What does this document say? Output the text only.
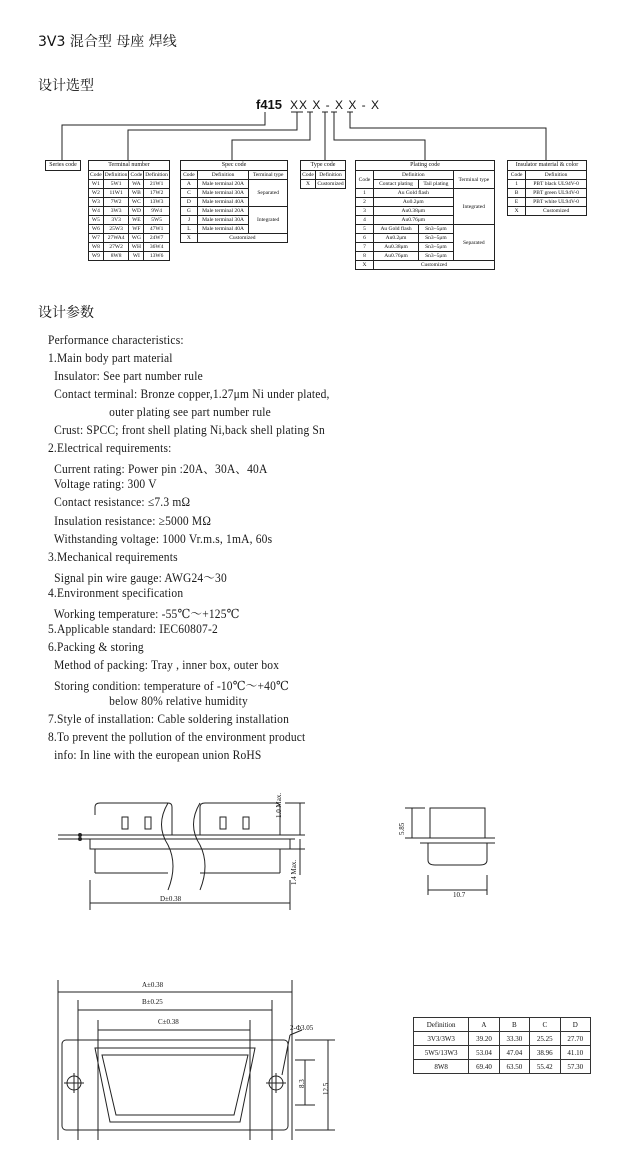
3V3 混合型 母座 焊线
设计选型
设计参数
f415 XX X - X X - X
Series code	Terminal number
Code	Definition	Code	Definition
W1	5W1	WA	21W1
W2	11W1	WB	17W2
W3	7W2	WC	13W3
W4	3W3	WD	9W4
W5	3V3	WE	5W5
W6	25W3	WF	47W1
W7	27WA4	WG	24W7
W8	27W2	WH	36W4
W9	8W8	WI	13W6
Spec code
Code	Definition	Terminal type
A	Male terminal 20A	Separated
C	Male terminal 30A	
D	Male terminal 40A	
G	Male terminal 20A	Integrated
J	Male terminal 30A	
L	Male terminal 40A	
X	Customized	
Type code
Code	Definition
X	Customized
Plating code
Code	Definition		Terminal type
	Contact plating	Tail plating	
1	Au Gold flash		Integrated
2	Au0.2μm		
3	Au0.38μm		
4	Au0.76μm		
5	Au Gold flash	Sn3~5μm	Separated
6	Au0.2μm	Sn3~5μm	
7	Au0.38μm	Sn3~5μm	
8	Au0.76μm	Sn3~5μm	
X	Customized		
Insulator material & color
Code	Definition
1	PBT black UL94V-0
B	PBT green UL94V-0
E	PBT white UL94V-0
X	Customized
Performance characteristics:
1.Main body part material
Insulator: See part number rule
Contact terminal: Bronze copper,1.27μm Ni under plated,
outer plating see part number rule
Crust: SPCC; front shell plating Ni,back shell plating Sn
2.Electrical requirements:
Current rating: Power pin :20A、30A、40A
Voltage rating: 300 V
Contact resistance: ≤7.3 mΩ
Insulation resistance: ≥5000 MΩ
Withstanding voltage: 1000 Vr.m.s, 1mA, 60s
3.Mechanical requirements
Signal pin wire gauge: AWG24～30
4.Environment specification
Working temperature: -55℃～+125℃
5.Applicable standard: IEC60807-2
6.Packing & storing
Method of packing: Tray , inner box, outer box
Storing condition: temperature of -10℃～+40℃
below 80% relative humidity
7.Style of installation: Cable soldering installation
8.To prevent the pollution of the environment product
info: In line with the european union RoHS
1.0 Max.
1.4 Max.
D±0.38
5.85
10.7
A±0.38
B±0.25
C±0.38
2-Φ3.05
8.3 12.5
Definition	A	B	C	D
3V3/3W3	39.20	33.30	25.25	27.70
5W5/13W3	53.04	47.04	38.96	41.10
8W8	69.40	63.50	55.42	57.30
